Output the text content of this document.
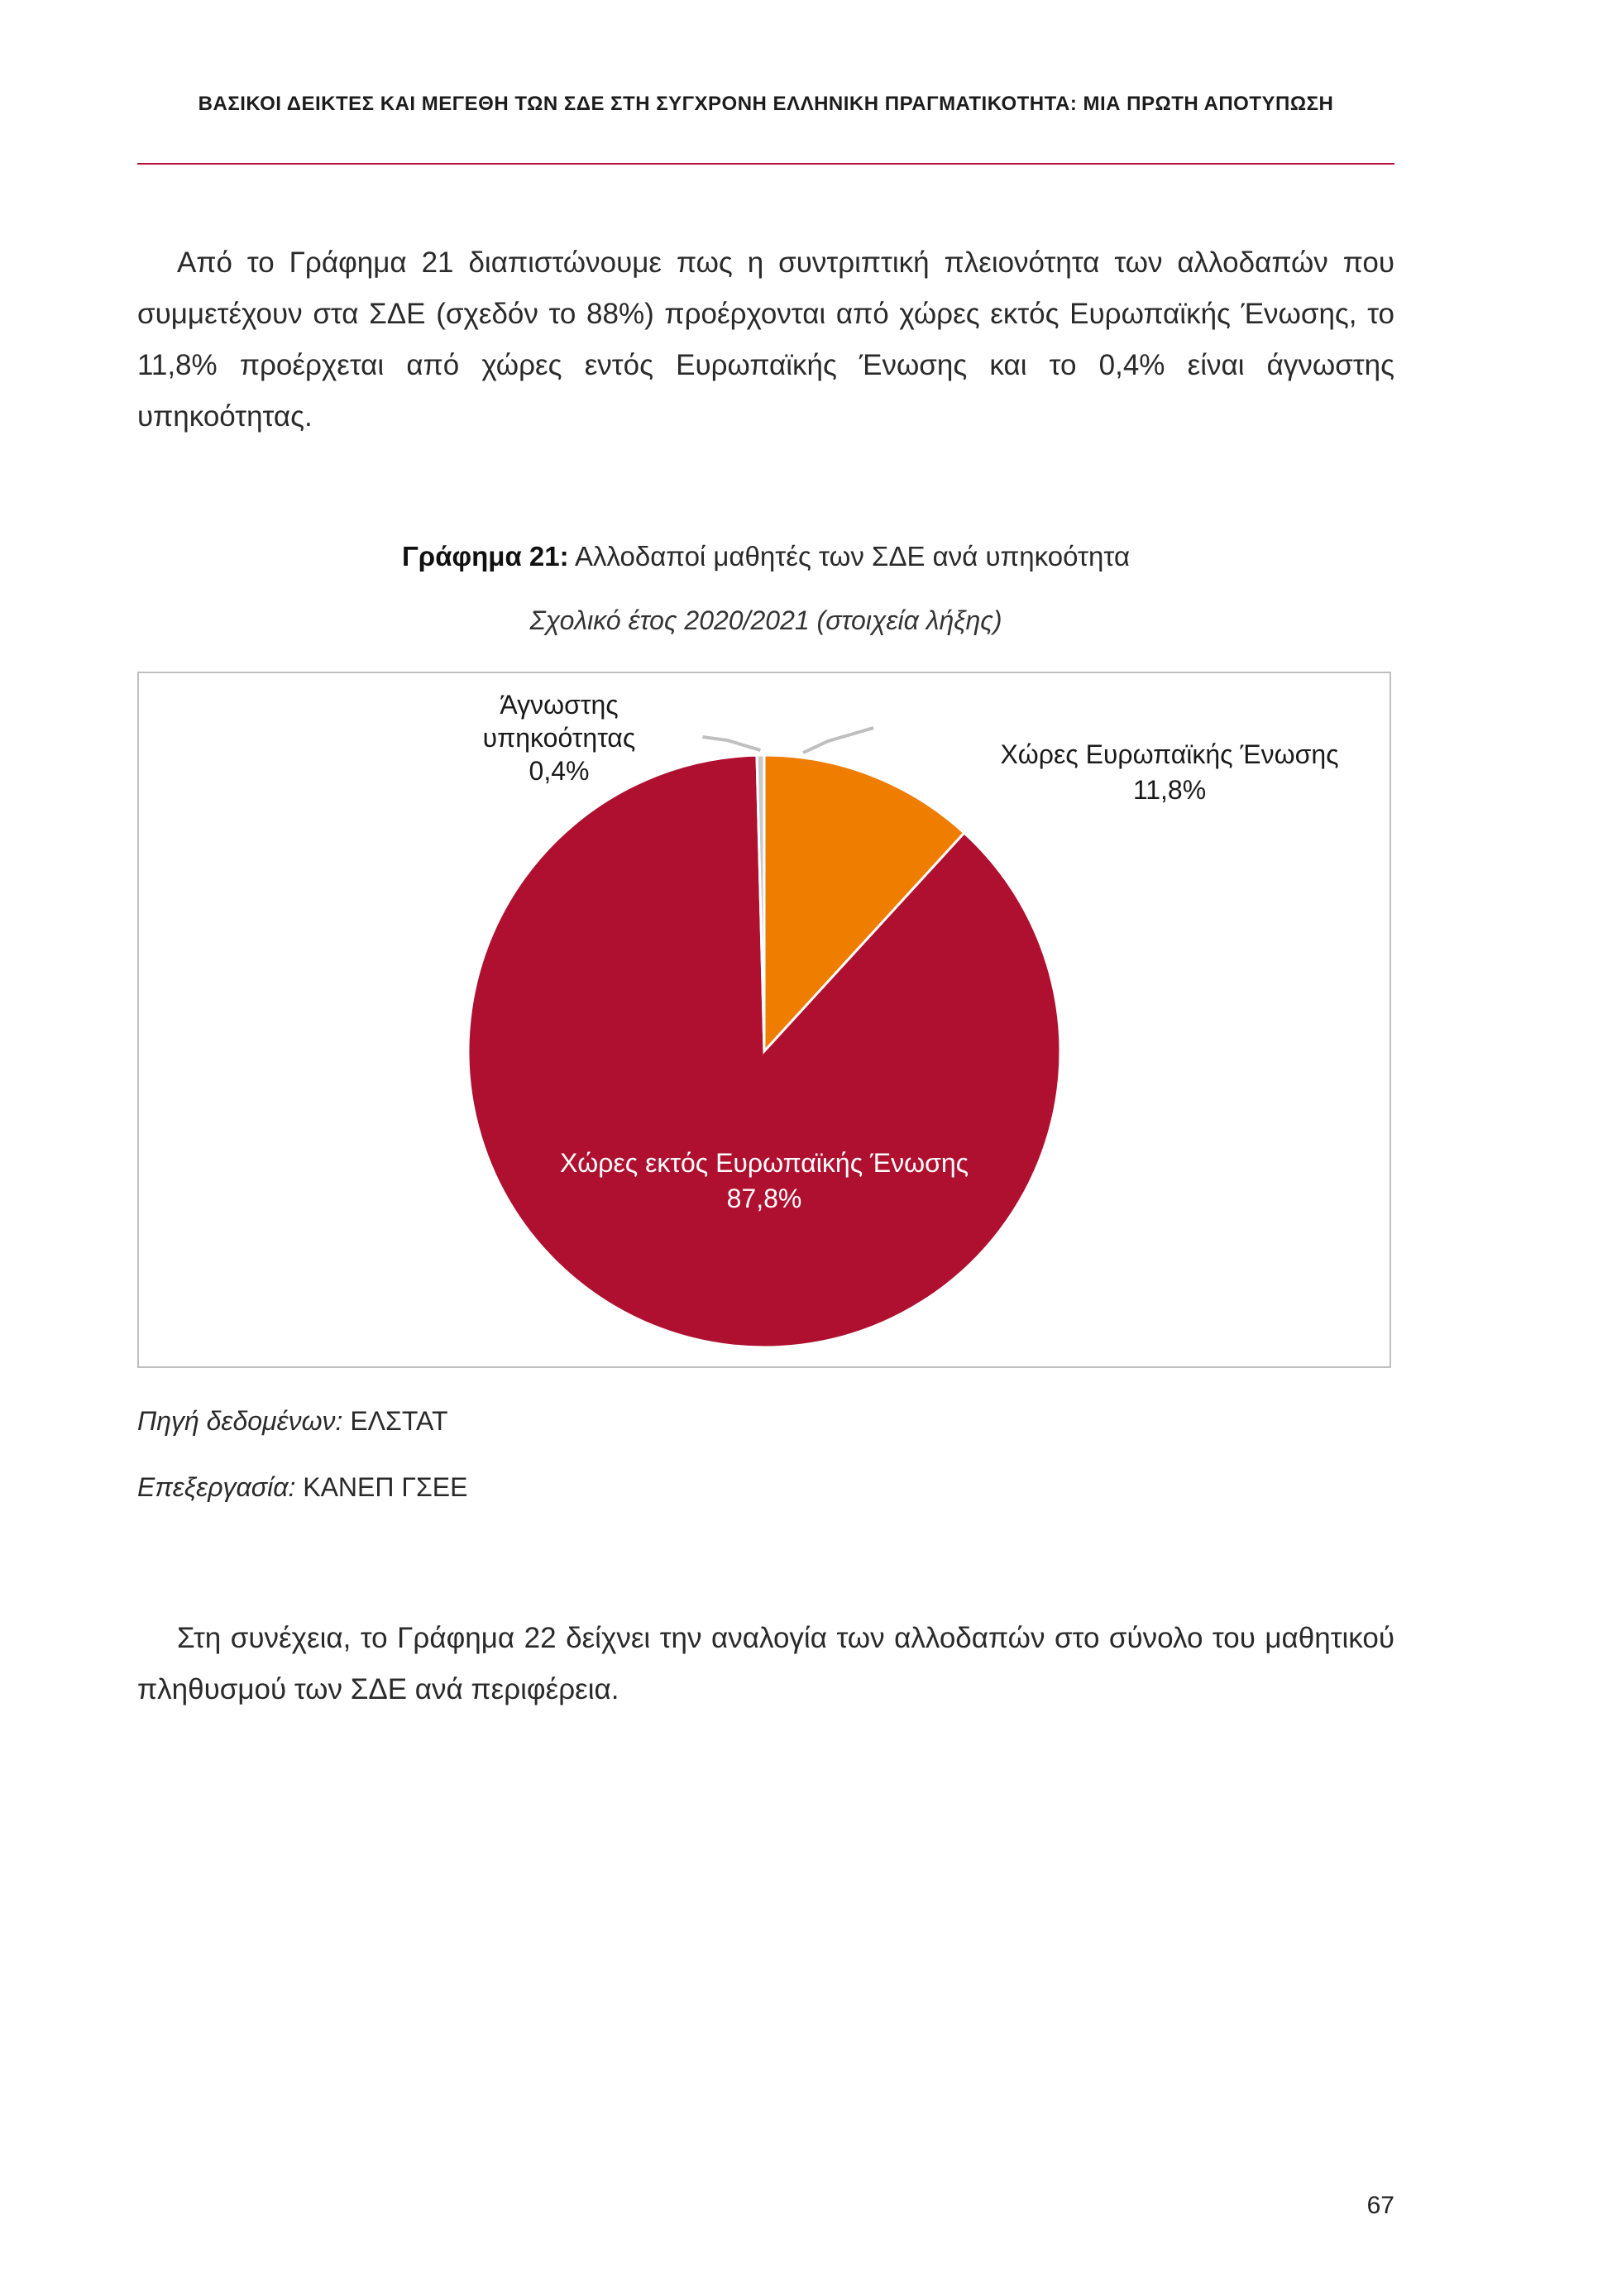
ΒΑΣΙΚΟΙ ΔΕΙΚΤΕΣ ΚΑΙ ΜΕΓΕΘΗ ΤΩΝ ΣΔΕ ΣΤΗ ΣΥΓΧΡΟΝΗ ΕΛΛΗΝΙΚΗ ΠΡΑΓΜΑΤΙΚΟΤΗΤΑ: ΜΙΑ ΠΡΩΤΗ ΑΠΟΤΥΠΩΣΗ

Από το Γράφημα 21 διαπιστώνουμε πως η συντριπτική πλειονότητα των αλλοδαπών που συμμετέχουν στα ΣΔΕ (σχεδόν το 88%) προέρχονται από χώρες εκτός Ευρωπαϊκής Ένωσης, το 11,8% προέρχεται από χώρες εντός Ευρωπαϊκής Ένωσης και το 0,4% είναι άγνωστης υπηκοότητας.

Γράφημα 21: Αλλοδαποί μαθητές των ΣΔΕ ανά υπηκοότητα
Σχολικό έτος 2020/2021 (στοιχεία λήξης)
Χώρες εκτός Ευρωπαϊκής Ένωσης
87,8%
Χώρες Ευρωπαϊκής Ένωσης
11,8%
Άγνωστης
υπηκοότητας
0,4%
Πηγή δεδομένων: ΕΛΣΤΑΤ
Επεξεργασία: ΚΑΝΕΠ ΓΣΕΕ

Στη συνέχεια, το Γράφημα 22 δείχνει την αναλογία των αλλοδαπών στο σύνολο του μαθητικού πληθυσμού των ΣΔΕ ανά περιφέρεια.

67
